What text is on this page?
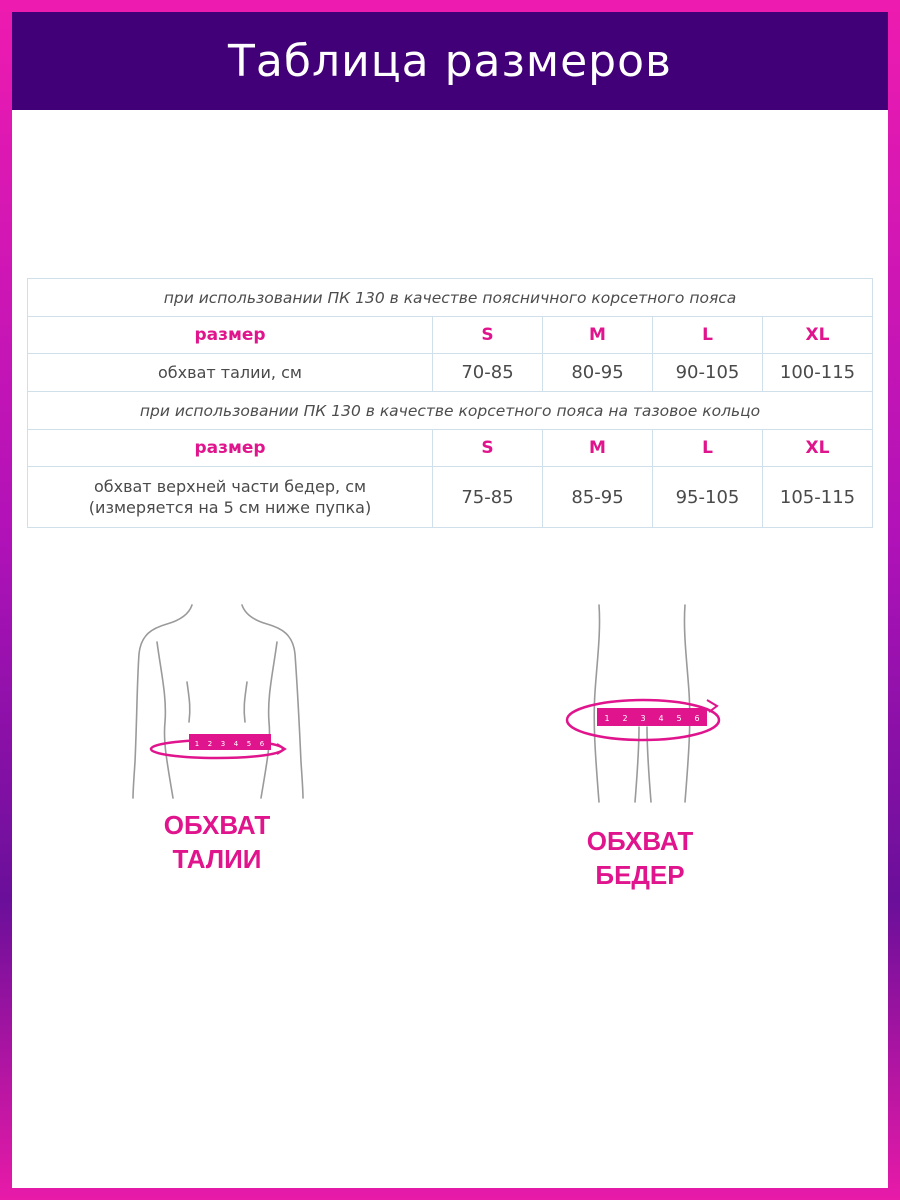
Таблица размеров
при использовании ПК 130 в качестве поясничного корсетного пояса				
размер	S	M	L	XL
обхват талии, см	70-85	80-95	90-105	100-115
при использовании ПК 130 в качестве корсетного пояса на тазовое кольцо				
размер	S	M	L	XL

обхват верхней части бедер, см
(измеряется на 5 см ниже пупка)	75-85	85-95	95-105	105-115
1 2 3 4 5 6
ОБХВАТ
ТАЛИИ
1 2 3 4 5 6
ОБХВАТ
БЕДЕР
